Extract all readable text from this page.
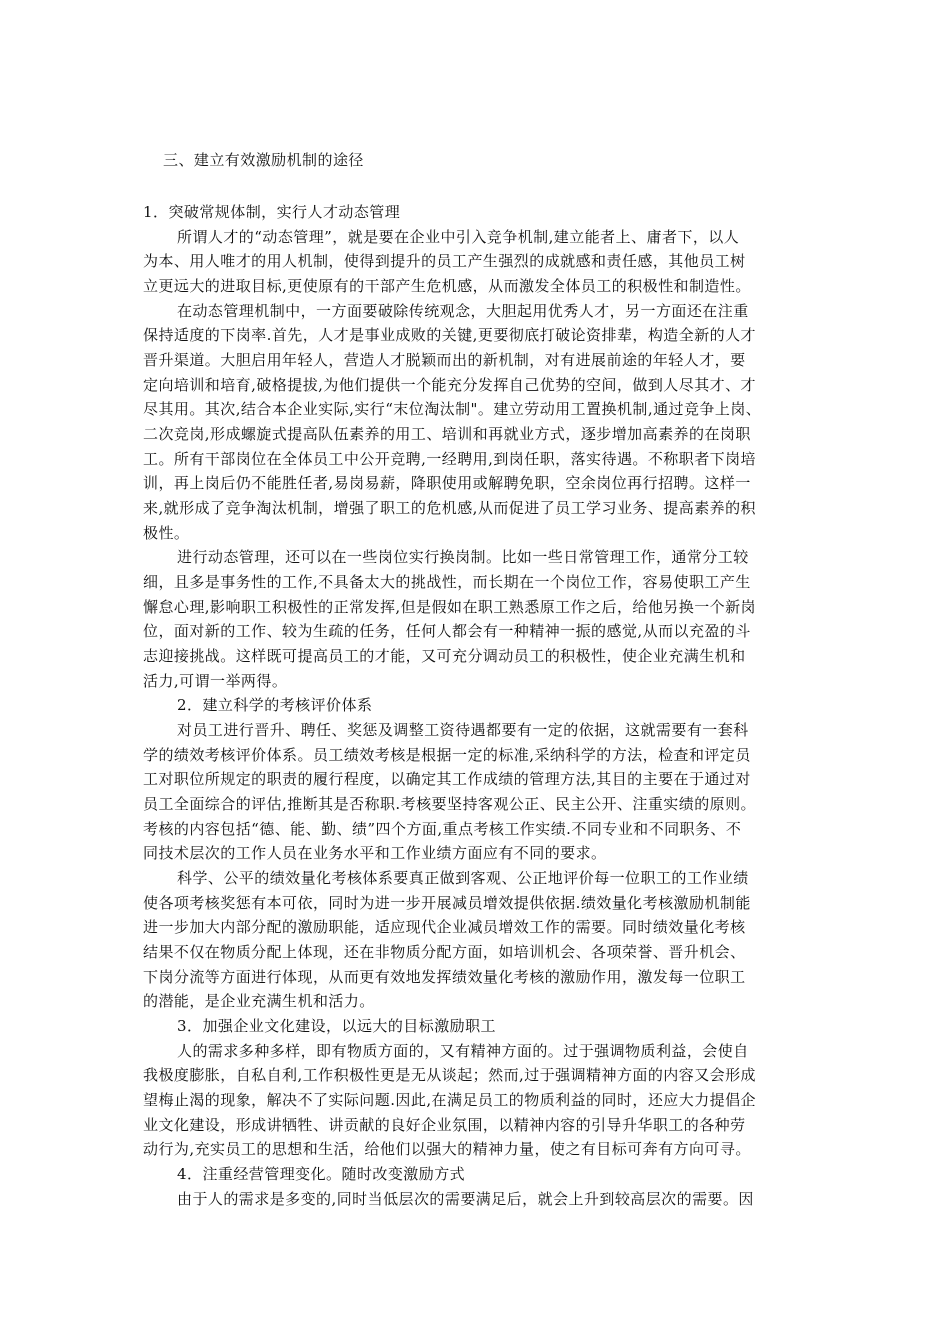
三、建立有效激励机制的途径
1．突破常规体制，实行人才动态管理
所谓人才的“动态管理”，就是要在企业中引入竞争机制,建立能者上、庸者下，以人
为本、用人唯才的用人机制，使得到提升的员工产生强烈的成就感和责任感，其他员工树
立更远大的进取目标,更使原有的干部产生危机感，从而激发全体员工的积极性和制造性。
在动态管理机制中，一方面要破除传统观念，大胆起用优秀人才，另一方面还在注重
保持适度的下岗率.首先，人才是事业成败的关键,更要彻底打破论资排辈，构造全新的人才
晋升渠道。大胆启用年轻人，营造人才脱颖而出的新机制，对有进展前途的年轻人才，要
定向培训和培育,破格提拔,为他们提供一个能充分发挥自己优势的空间，做到人尽其才、才
尽其用。其次,结合本企业实际,实行“末位淘汰制"。建立劳动用工置换机制,通过竞争上岗、
二次竞岗,形成螺旋式提高队伍素养的用工、培训和再就业方式，逐步增加高素养的在岗职
工。所有干部岗位在全体员工中公开竞聘,一经聘用,到岗任职，落实待遇。不称职者下岗培
训，再上岗后仍不能胜任者,易岗易薪，降职使用或解聘免职，空余岗位再行招聘。这样一
来,就形成了竞争淘汰机制，增强了职工的危机感,从而促进了员工学习业务、提高素养的积
极性。
进行动态管理，还可以在一些岗位实行换岗制。比如一些日常管理工作，通常分工较
细，且多是事务性的工作,不具备太大的挑战性，而长期在一个岗位工作，容易使职工产生
懈怠心理,影响职工积极性的正常发挥,但是假如在职工熟悉原工作之后，给他另换一个新岗
位，面对新的工作、较为生疏的任务，任何人都会有一种精神一振的感觉,从而以充盈的斗
志迎接挑战。这样既可提高员工的才能，又可充分调动员工的积极性，使企业充满生机和
活力,可谓一举两得。
2．建立科学的考核评价体系
对员工进行晋升、聘任、奖惩及调整工资待遇都要有一定的依据，这就需要有一套科
学的绩效考核评价体系。员工绩效考核是根据一定的标准,采纳科学的方法，检查和评定员
工对职位所规定的职责的履行程度，以确定其工作成绩的管理方法,其目的主要在于通过对
员工全面综合的评估,推断其是否称职.考核要坚持客观公正、民主公开、注重实绩的原则。
考核的内容包括“德、能、勤、绩”四个方面,重点考核工作实绩.不同专业和不同职务、不
同技术层次的工作人员在业务水平和工作业绩方面应有不同的要求。
科学、公平的绩效量化考核体系要真正做到客观、公正地评价每一位职工的工作业绩
使各项考核奖惩有本可依，同时为进一步开展减员增效提供依据.绩效量化考核激励机制能
进一步加大内部分配的激励职能，适应现代企业减员增效工作的需要。同时绩效量化考核
结果不仅在物质分配上体现，还在非物质分配方面，如培训机会、各项荣誉、晋升机会、
下岗分流等方面进行体现，从而更有效地发挥绩效量化考核的激励作用，激发每一位职工
的潜能，是企业充满生机和活力。
3．加强企业文化建设，以远大的目标激励职工
人的需求多种多样，即有物质方面的，又有精神方面的。过于强调物质利益，会使自
我极度膨胀，自私自利,工作积极性更是无从谈起；然而,过于强调精神方面的内容又会形成
望梅止渴的现象，解决不了实际问题.因此,在满足员工的物质利益的同时，还应大力提倡企
业文化建设，形成讲牺牲、讲贡献的良好企业氛围，以精神内容的引导升华职工的各种劳
动行为,充实员工的思想和生活，给他们以强大的精神力量，使之有目标可奔有方向可寻。
4．注重经营管理变化。随时改变激励方式
由于人的需求是多变的,同时当低层次的需要满足后，就会上升到较高层次的需要。因
